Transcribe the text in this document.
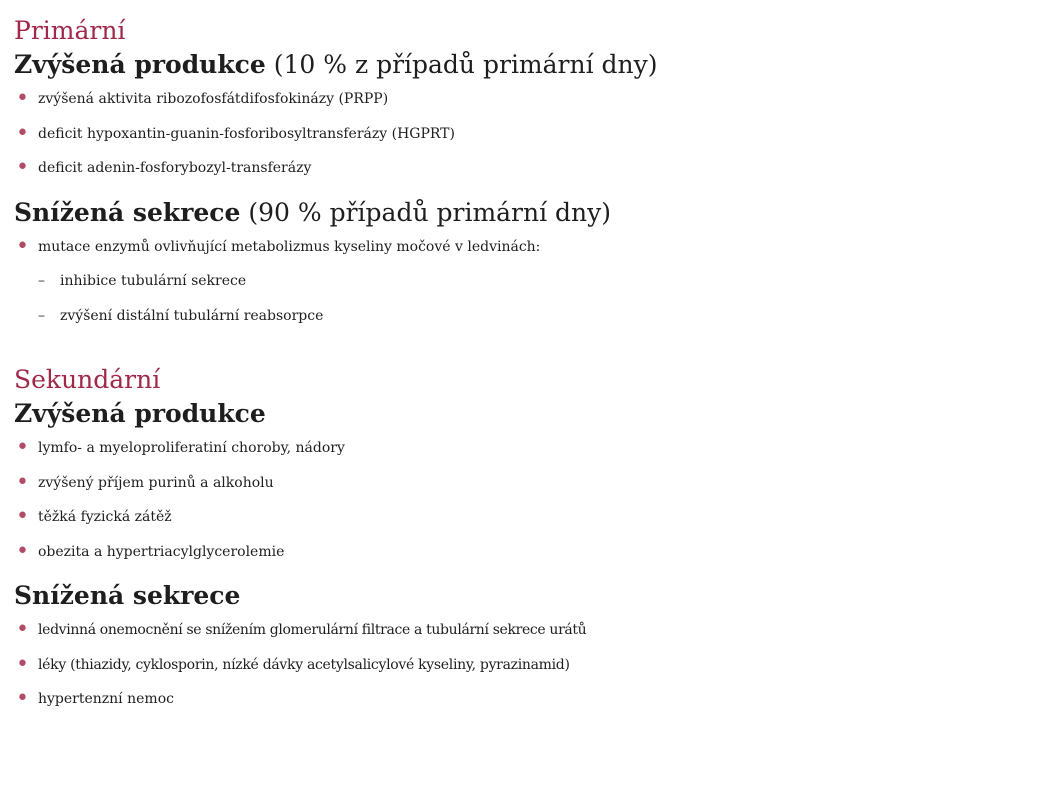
Primární

Zvýšená produkce (10 % z případů primární dny)

• zvýšená aktivita ribozofosfátdifosfokinázy (PRPP)
• deficit hypoxantin-guanin-fosforibosyltransferázy (HGPRT)
• deficit adenin-fosforybozyl-transferázy

Snížená sekrece (90 % případů primární dny)

• mutace enzymů ovlivňující metabolizmus kyseliny močové v ledvinách:
– inhibice tubulární sekrece
– zvýšení distální tubulární reabsorpce
Sekundární

Zvýšená produkce

• lymfo- a myeloproliferatiní choroby, nádory
• zvýšený příjem purinů a alkoholu
• těžká fyzická zátěž
• obezita a hypertriacylglycerolemie

Snížená sekrece

• ledvinná onemocnění se snížením glomerulární filtrace a tubulární sekrece urátů
• léky (thiazidy, cyklosporin, nízké dávky acetylsalicylové kyseliny, pyrazinamid)
• hypertenzní nemoc
